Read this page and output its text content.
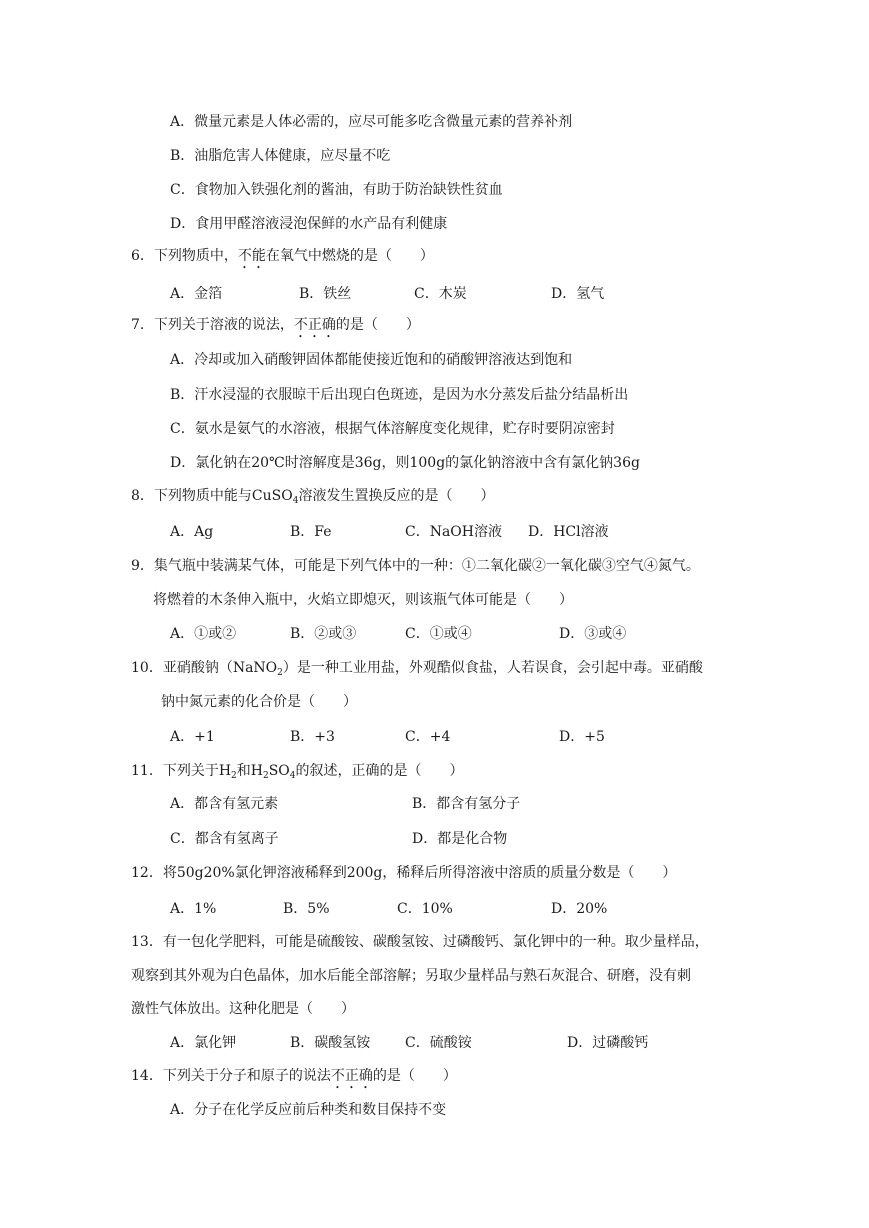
A．微量元素是人体必需的，应尽可能多吃含微量元素的营养补剂
B．油脂危害人体健康，应尽量不吃
C．食物加入铁强化剂的酱油，有助于防治缺铁性贫血
D．食用甲醛溶液浸泡保鲜的水产品有利健康
6．下列物质中，不能在氧气中燃烧的是（　　）
A．金箔	B．铁丝	C．木炭	D．氢气
7．下列关于溶液的说法，不正确的是（　　）
A．冷却或加入硝酸钾固体都能使接近饱和的硝酸钾溶液达到饱和
B．汗水浸湿的衣服晾干后出现白色斑迹，是因为水分蒸发后盐分结晶析出
C．氨水是氨气的水溶液，根据气体溶解度变化规律，贮存时要阴凉密封
D．氯化钠在20℃时溶解度是36g，则100g的氯化钠溶液中含有氯化钠36g
8．下列物质中能与CuSO$_4$溶液发生置换反应的是（　　）
A．Ag	B．Fe	C．NaOH溶液 D．HCl溶液
9．集气瓶中装满某气体，可能是下列气体中的一种：①二氧化碳②一氧化碳③空气④氮气。
将燃着的木条伸入瓶中，火焰立即熄灭，则该瓶气体可能是（　　）
A．①或②	B．②或③	C．①或④	D．③或④
10．亚硝酸钠（NaNO$_2$）是一种工业用盐，外观酷似食盐，人若误食，会引起中毒。亚硝酸
钠中氮元素的化合价是（　　）
A．+1	B．+3	C．+4	D．+5
11．下列关于$H_2$和$H_2SO_4$的叙述，正确的是（　　）
A．都含有氢元素	B．都含有氢分子
C．都含有氢离子	D．都是化合物
12．将50g20%氯化钾溶液稀释到200g，稀释后所得溶液中溶质的质量分数是（　　）
A．1%	B．5%	C．10%	D．20%
13．有一包化学肥料，可能是硫酸铵、碳酸氢铵、过磷酸钙、氯化钾中的一种。取少量样品，
观察到其外观为白色晶体，加水后能全部溶解；另取少量样品与熟石灰混合、研磨，没有刺
激性气体放出。这种化肥是（　　）
A．氯化钾	B．碳酸氢铵 C．硫酸铵	D．过磷酸钙
14．下列关于分子和原子的说法不正确的是（　　）
A．分子在化学反应前后种类和数目保持不变
